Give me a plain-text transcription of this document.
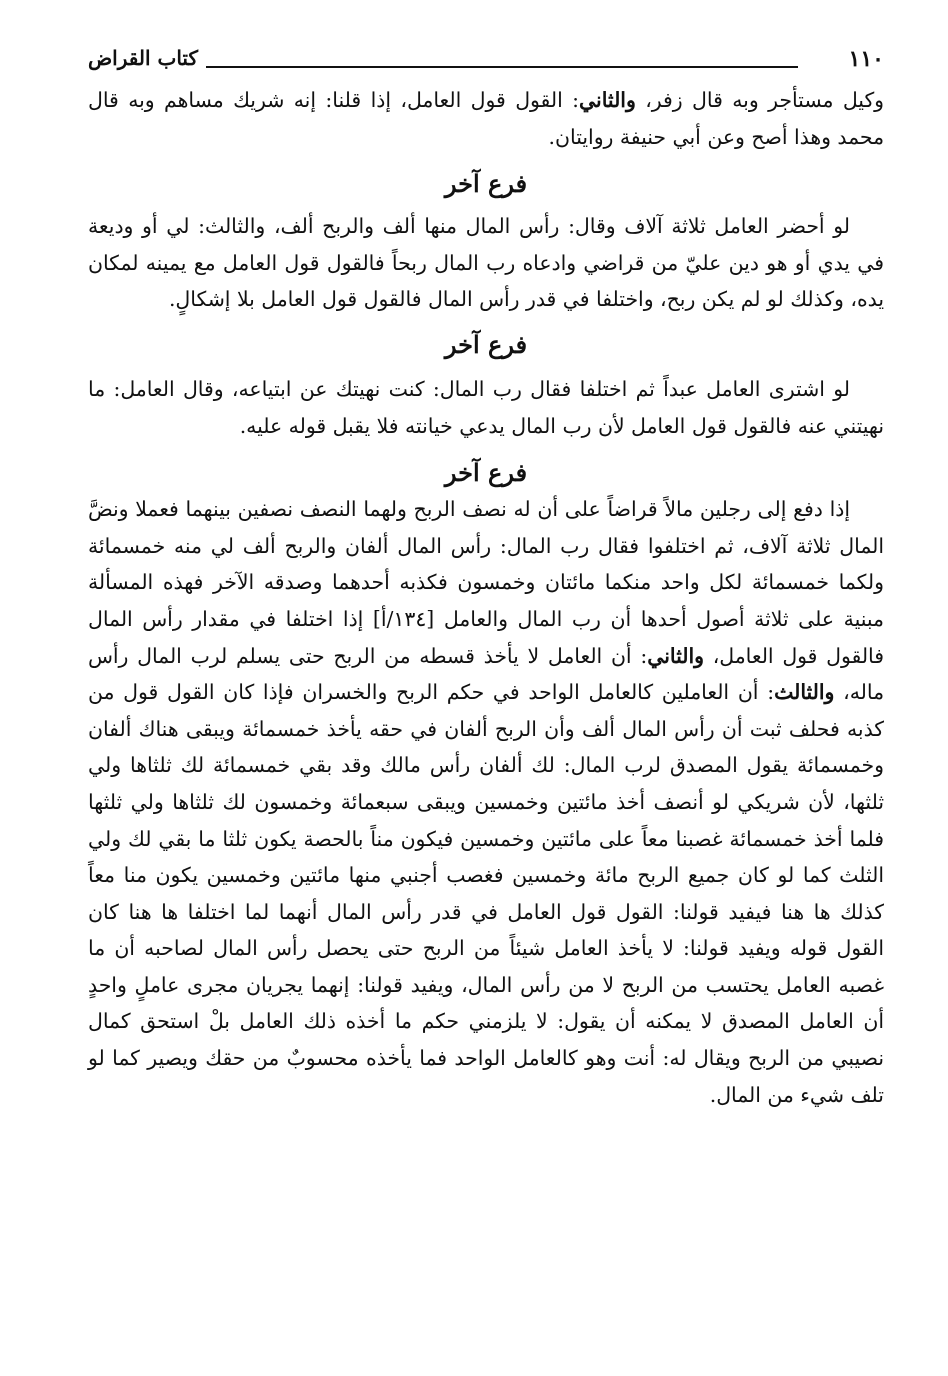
١١٠
كتاب القراض

وكيل مستأجر وبه قال زفر، والثاني: القول قول العامل، إذا قلنا: إنه شريك مساهم وبه قال محمد وهذا أصح وعن أبي حنيفة روايتان.

فرع آخر

لو أحضر العامل ثلاثة آلاف وقال: رأس المال منها ألف والربح ألف، والثالث: لي أو وديعة في يدي أو هو دين عليّ من قراضي وادعاه رب المال ربحاً فالقول قول العامل مع يمينه لمكان يده، وكذلك لو لم يكن ربح، واختلفا في قدر رأس المال فالقول قول العامل بلا إشكالٍ.

فرع آخر

لو اشترى العامل عبداً ثم اختلفا فقال رب المال: كنت نهيتك عن ابتياعه، وقال العامل: ما نهيتني عنه فالقول قول العامل لأن رب المال يدعي خيانته فلا يقبل قوله عليه.

فرع آخر

إذا دفع إلى رجلين مالاً قراضاً على أن له نصف الربح ولهما النصف نصفين بينهما فعملا ونضَّ المال ثلاثة آلاف، ثم اختلفوا فقال رب المال: رأس المال ألفان والربح ألف لي منه خمسمائة ولكما خمسمائة لكل واحد منكما مائتان وخمسون فكذبه أحدهما وصدقه الآخر فهذه المسألة مبنية على ثلاثة أصول أحدها أن رب المال والعامل [١٣٤/أ] إذا اختلفا في مقدار رأس المال فالقول قول العامل، والثاني: أن العامل لا يأخذ قسطه من الربح حتى يسلم لرب المال رأس ماله، والثالث: أن العاملين كالعامل الواحد في حكم الربح والخسران فإذا كان القول قول من كذبه فحلف ثبت أن رأس المال ألف وأن الربح ألفان في حقه يأخذ خمسمائة ويبقى هناك ألفان وخمسمائة يقول المصدق لرب المال: لك ألفان رأس مالك وقد بقي خمسمائة لك ثلثاها ولي ثلثها، لأن شريكي لو أنصف أخذ مائتين وخمسين ويبقى سبعمائة وخمسون لك ثلثاها ولي ثلثها فلما أخذ خمسمائة غصبنا معاً على مائتين وخمسين فيكون مناً بالحصة يكون ثلثا ما بقي لك ولي الثلث كما لو كان جميع الربح مائة وخمسين فغصب أجنبي منها مائتين وخمسين يكون منا معاً كذلك ها هنا فيفيد قولنا: القول قول العامل في قدر رأس المال أنهما لما اختلفا ها هنا كان القول قوله ويفيد قولنا: لا يأخذ العامل شيئاً من الربح حتى يحصل رأس المال لصاحبه أن ما غصبه العامل يحتسب من الربح لا من رأس المال، ويفيد قولنا: إنهما يجريان مجرى عاملٍ واحدٍ أن العامل المصدق لا يمكنه أن يقول: لا يلزمني حكم ما أخذه ذلك العامل بلْ استحق كمال نصيبي من الربح ويقال له: أنت وهو كالعامل الواحد فما يأخذه محسوبٌ من حقك ويصير كما لو تلف شيء من المال.
